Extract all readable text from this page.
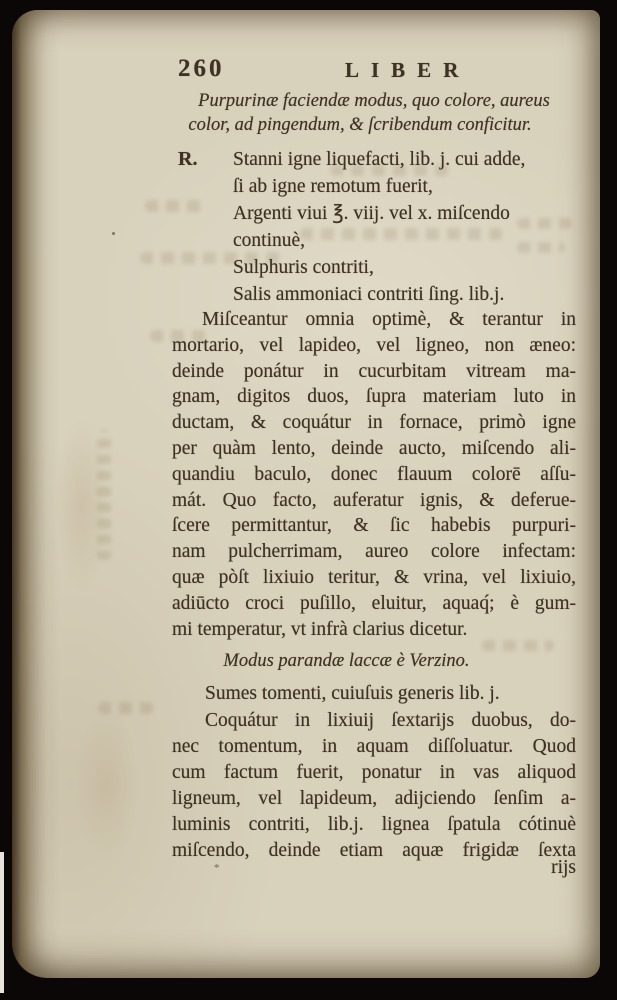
260	LIBER
Purpurinæ faciendæ modus, quo colore, aureus
color, ad pingendum, & ſcribendum conficitur.
R. Stanni igne liquefacti, lib. j. cui adde,
ſi ab igne remotum fuerit,
Argenti viui ℥. viij. vel x. miſcendo
continuè,
Sulphuris contriti,
Salis ammoniaci contriti ſing. lib.j.
Miſceantur omnia optimè, & terantur in
mortario, vel lapideo, vel ligneo, non æneo:
deinde ponátur in cucurbitam vitream ma-
gnam, digitos duos, ſupra materiam luto in
ductam, & coquátur in fornace, primò igne
per quàm lento, deinde aucto, miſcendo ali-
quandiu baculo, donec flauum colorē aſſu-
mát. Quo facto, auferatur ignis, & deferue-
ſcere permittantur, & ſic habebis purpuri-
nam pulcherrimam, aureo colore infectam:
quæ pòſt lixiuio teritur, & vrina, vel lixiuio,
adiūcto croci puſillo, eluitur, aquaq́; è gum-
mi temperatur, vt infrà clarius dicetur.
Modus parandæ laccæ è Verzino.
Sumes tomenti, cuiuſuis generis lib. j.
Coquátur in lixiuij ſextarijs duobus, do-
nec tomentum, in aquam diſſoluatur. Quod
cum factum fuerit, ponatur in vas aliquod
ligneum, vel lapideum, adijciendo ſenſim a-
luminis contriti, lib.j. lignea ſpatula cótinuè
miſcendo, deinde etiam aquæ frigidæ ſexta
*	rijs
